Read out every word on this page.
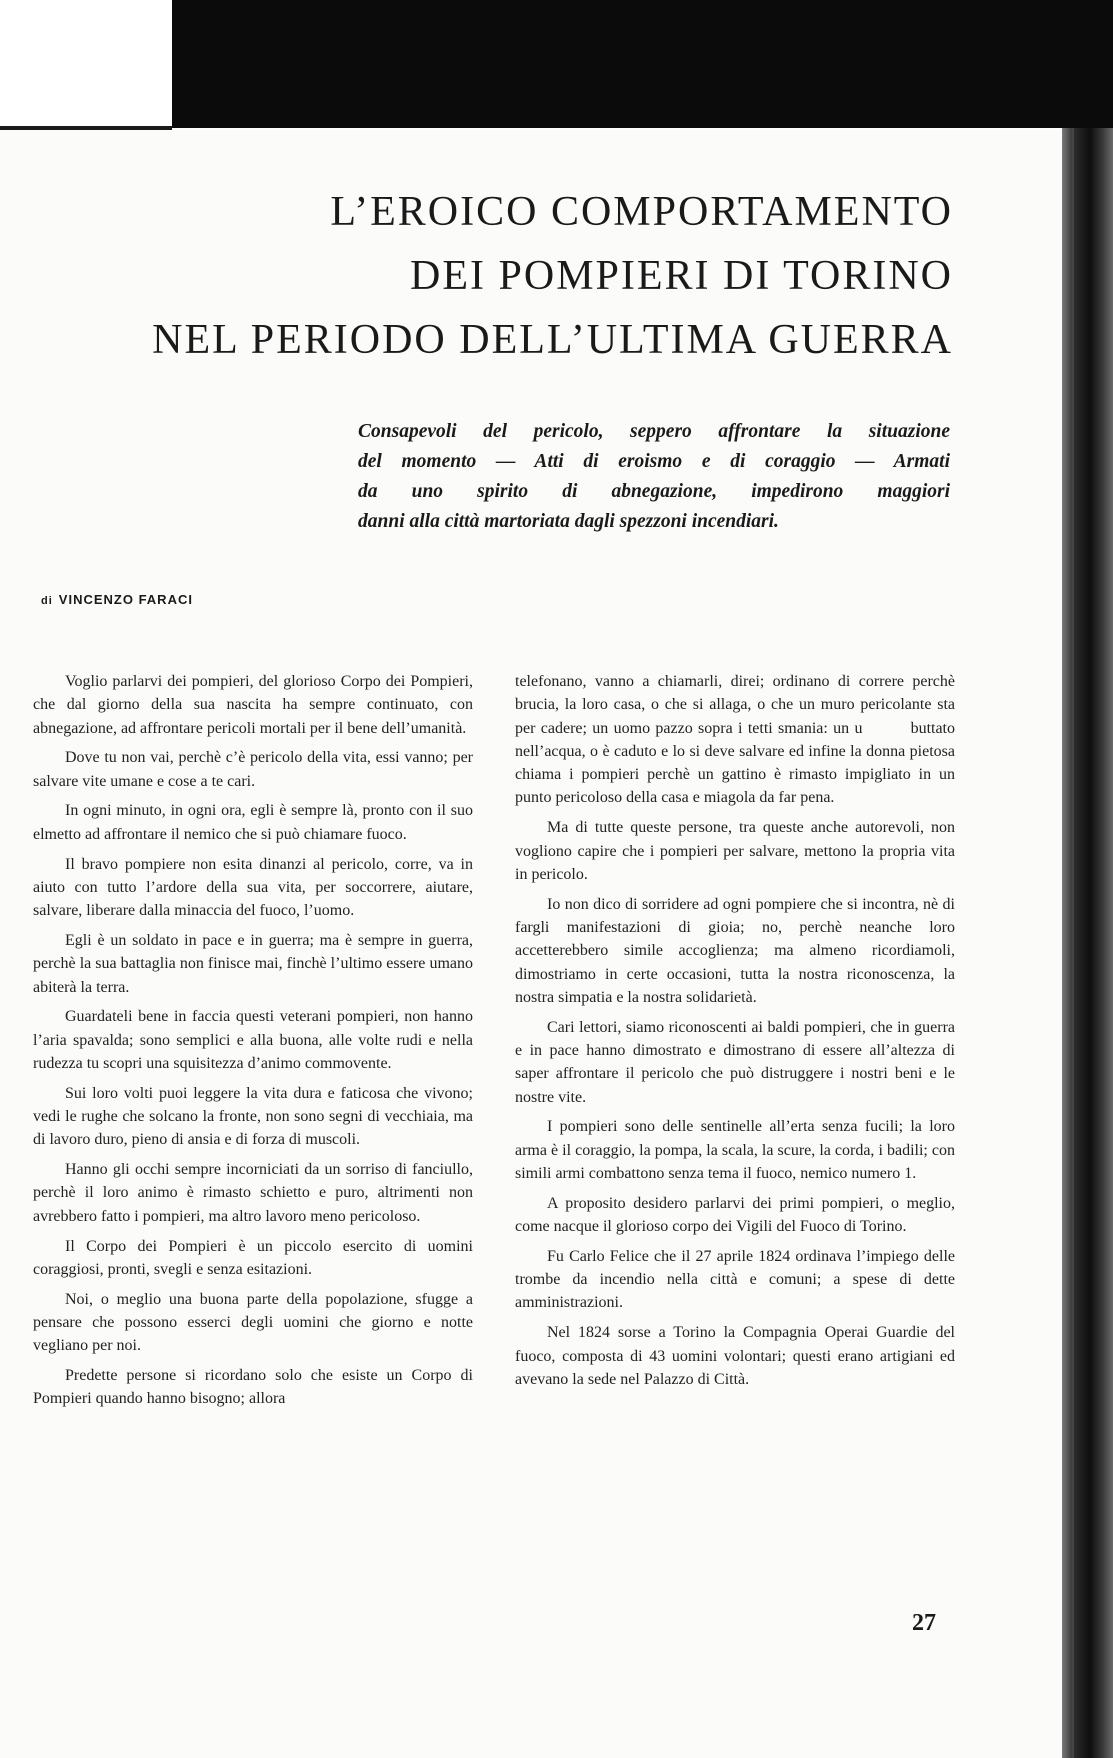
L’EROICO COMPORTAMENTO
DEI POMPIERI DI TORINO
NEL PERIODO DELL’ULTIMA GUERRA
Consapevoli del pericolo, seppero affrontare la situazione
del momento — Atti di eroismo e di coraggio — Armati
da uno spirito di abnegazione, impedirono maggiori
danni alla città martoriata dagli spezzoni incendiari.
di VINCENZO FARACI

Voglio parlarvi dei pompieri, del glorioso Corpo dei Pompieri, che dal giorno della sua nascita ha sempre continuato, con abnegazione, ad affrontare pericoli mortali per il bene dell’umanità.

Dove tu non vai, perchè c’è pericolo della vita, essi vanno; per salvare vite umane e cose a te cari.

In ogni minuto, in ogni ora, egli è sempre là, pronto con il suo elmetto ad affrontare il nemico che si può chiamare fuoco.

Il bravo pompiere non esita dinanzi al pericolo, corre, va in aiuto con tutto l’ardore della sua vita, per soccorrere, aiutare, salvare, liberare dalla minaccia del fuoco, l’uomo.

Egli è un soldato in pace e in guerra; ma è sempre in guerra, perchè la sua battaglia non finisce mai, finchè l’ultimo essere umano abiterà la terra.

Guardateli bene in faccia questi veterani pompieri, non hanno l’aria spavalda; sono semplici e alla buona, alle volte rudi e nella rudezza tu scopri una squisitezza d’animo commovente.

Sui loro volti puoi leggere la vita dura e faticosa che vivono; vedi le rughe che solcano la fronte, non sono segni di vecchiaia, ma di lavoro duro, pieno di ansia e di forza di muscoli.

Hanno gli occhi sempre incorniciati da un sorriso di fanciullo, perchè il loro animo è rimasto schietto e puro, altrimenti non avrebbero fatto i pompieri, ma altro lavoro meno pericoloso.

Il Corpo dei Pompieri è un piccolo esercito di uomini coraggiosi, pronti, svegli e senza esitazioni.

Noi, o meglio una buona parte della popolazione, sfugge a pensare che possono esserci degli uomini che giorno e notte vegliano per noi.

Predette persone si ricordano solo che esiste un Corpo di Pompieri quando hanno bisogno; allora

telefonano, vanno a chiamarli, direi; ordinano di correre perchè brucia, la loro casa, o che si allaga, o che un muro pericolante sta per cadere; un uomo pazzo sopra i tetti smania: un u         buttato nell’acqua, o è caduto e lo si deve salvare ed infine la donna pietosa chiama i pompieri perchè un gattino è rimasto impigliato in un punto pericoloso della casa e miagola da far pena.

Ma di tutte queste persone, tra queste anche autorevoli, non vogliono capire che i pompieri per salvare, mettono la propria vita in pericolo.

Io non dico di sorridere ad ogni pompiere che si incontra, nè di fargli manifestazioni di gioia; no, perchè neanche loro accetterebbero simile accoglienza; ma almeno ricordiamoli, dimostriamo in certe occasioni, tutta la nostra riconoscenza, la nostra simpatia e la nostra solidarietà.

Cari lettori, siamo riconoscenti ai baldi pompieri, che in guerra e in pace hanno dimostrato e dimostrano di essere all’altezza di saper affrontare il pericolo che può distruggere i nostri beni e le nostre vite.

I pompieri sono delle sentinelle all’erta senza fucili; la loro arma è il coraggio, la pompa, la scala, la scure, la corda, i badili; con simili armi combattono senza tema il fuoco, nemico numero 1.

A proposito desidero parlarvi dei primi pompieri, o meglio, come nacque il glorioso corpo dei Vigili del Fuoco di Torino.

Fu Carlo Felice che il 27 aprile 1824 ordinava l’impiego delle trombe da incendio nella città e comuni; a spese di dette amministrazioni.

Nel 1824 sorse a Torino la Compagnia Operai Guardie del fuoco, composta di 43 uomini volontari; questi erano artigiani ed avevano la sede nel Palazzo di Città.

27
